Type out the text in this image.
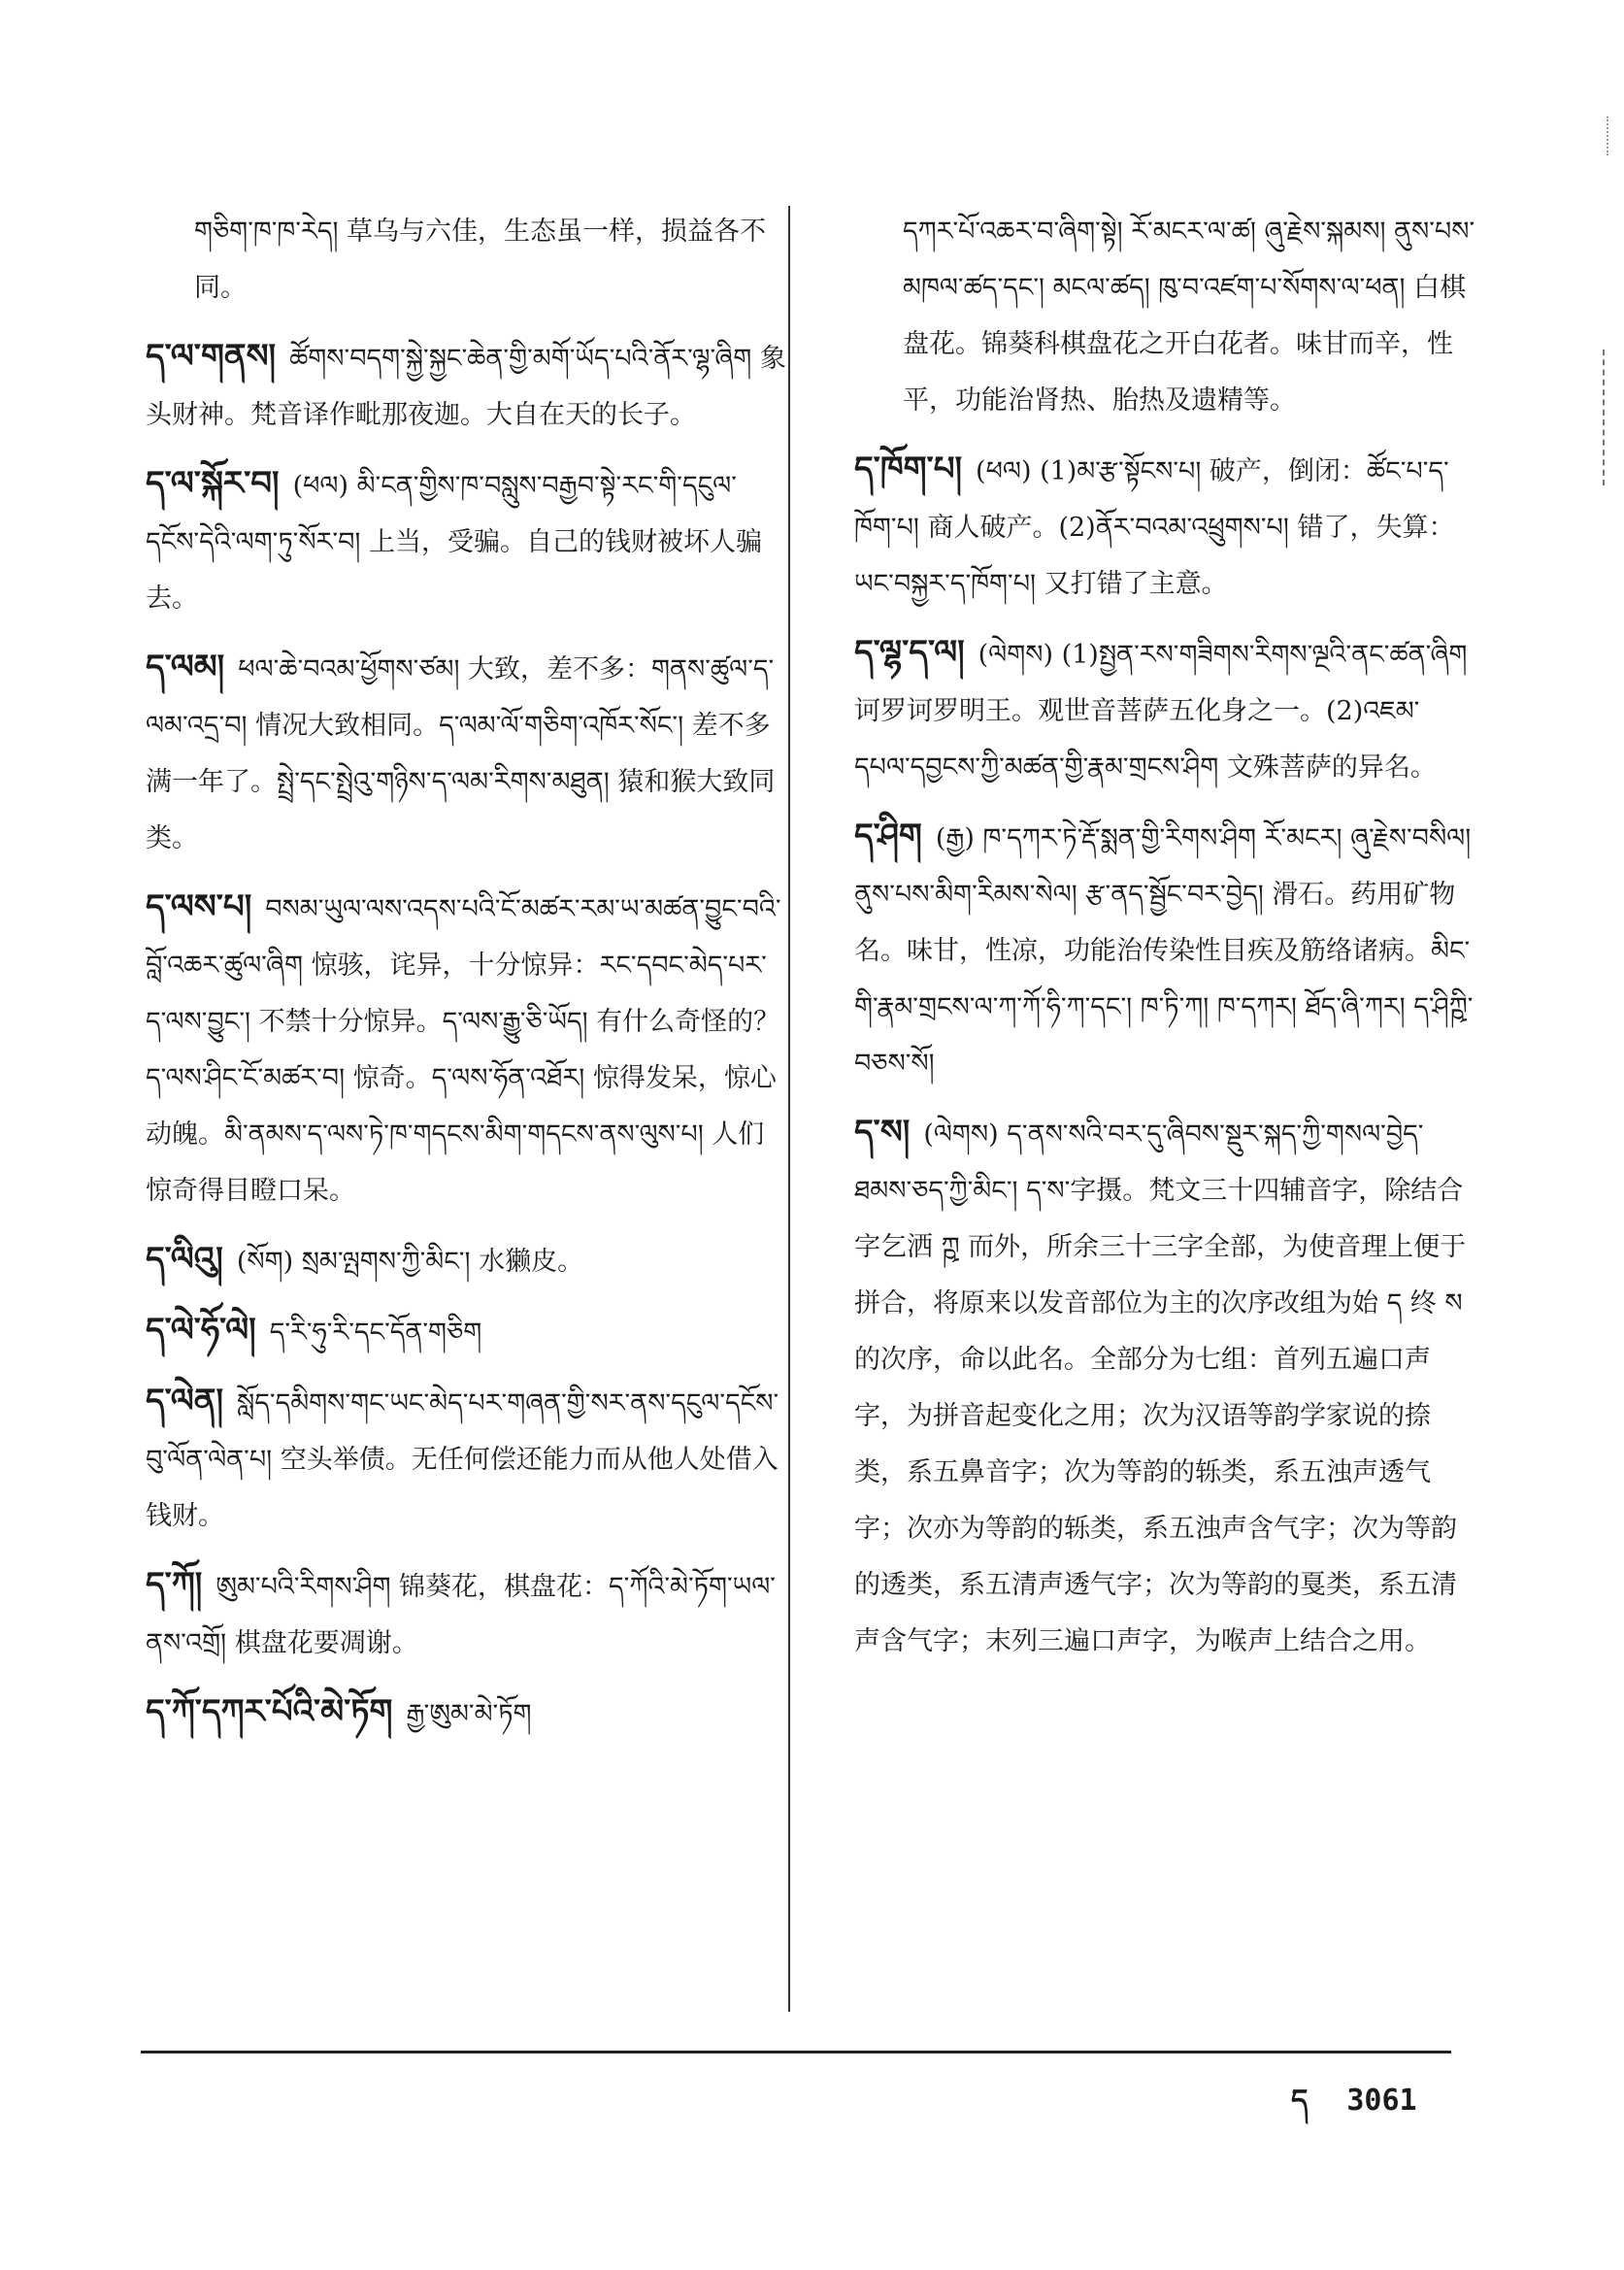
གཅིག་ཁ་ཁ་རེད། 草乌与六佳，生态虽一样，损益各不同。

ད་ལ་གནས། ཚོགས་བདག་སྐྱེ་སྐྱང་ཆེན་གྱི་མགོ་ཡོད་པའི་ནོར་ལྷ་ཞིག 象头财神。梵音译作毗那夜迦。大自在天的长子。

ད་ལ་སྐོར་བ། (ཕལ) མི་ངན་གྱིས་ཁ་བསླུས་བརྒྱབ་སྟེ་རང་གི་དངུལ་དངོས་དེའི་ལག་ཏུ་སོར་བ། 上当，受骗。自己的钱财被坏人骗去。

ད་ལམ། ཕལ་ཆེ་བའམ་ཕྱོགས་ཙམ། 大致，差不多：གནས་ཚུལ་ད་ལམ་འདྲ་བ། 情况大致相同。ད་ལམ་ལོ་གཅིག་འཁོར་སོང་། 差不多满一年了。སྤྲེ་དང་སྤྲེའུ་གཉིས་ད་ལམ་རིགས་མཐུན། 猿和猴大致同类。

ད་ལས་པ། བསམ་ཡུལ་ལས་འདས་པའི་ངོ་མཚར་རམ་ཡ་མཚན་བྱུང་བའི་བློ་འཆར་ཚུལ་ཞིག 惊骇，诧异，十分惊异：རང་དབང་མེད་པར་ད་ལས་བྱུང་། 不禁十分惊异。ད་ལས་རྒྱུ་ཅི་ཡོད། 有什么奇怪的？ད་ལས་ཤིང་ངོ་མཚར་བ། 惊奇。ད་ལས་ཧོན་འཐོར། 惊得发呆，惊心动魄。མི་ནམས་ད་ལས་ཏེ་ཁ་གདངས་མིག་གདངས་ནས་ལུས་པ། 人们惊奇得目瞪口呆。

ད་ལིའུ། (སོག) སྲམ་ལྤགས་ཀྱི་མིང་། 水獭皮。

ད་ལེ་ཧོ་ལེ། ད་རི་ཧུ་རི་དང་དོན་གཅིག

ད་ལེན། སློད་དམིགས་གང་ཡང་མེད་པར་གཞན་གྱི་སར་ནས་དངུལ་དངོས་བུ་ལོན་ལེན་པ། 空头举债。无任何偿还能力而从他人处借入钱财。

ད་ཀོ། ཨུམ་པའི་རིགས་ཤིག 锦葵花，棋盘花：ད་ཀོའི་མེ་ཏོག་ཡལ་ནས་འགྲོ། 棋盘花要凋谢。

ད་ཀོ་དཀར་པོའི་མེ་ཏོག རྒྱ་ཨུམ་མེ་ཏོག

དཀར་པོ་འཆར་བ་ཞིག་སྟེ། རོ་མངར་ལ་ཚ། ཞུ་རྗེས་སྐམས། ནུས་པས་མཁལ་ཚད་དང་། མངལ་ཚད། ཁུ་བ་འཛག་པ་སོགས་ལ་ཕན། 白棋盘花。锦葵科棋盘花之开白花者。味甘而辛，性平，功能治肾热、胎热及遗精等。

ད་ཁོག་པ། (ཕལ) (1)མ་རྩ་སྟོངས་པ། 破产，倒闭：ཚོང་པ་ད་ཁོག་པ། 商人破产。(2)ནོར་བའམ་འཕྲུགས་པ། 错了，失算：ཡང་བསྐྱར་ད་ཁོག་པ། 又打错了主意。

ད་ལྷ་ད་ལ། (ལེགས) (1)སྤྱན་རས་གཟིགས་རིགས་ལྔའི་ནང་ཚན་ཞིག 诃罗诃罗明王。观世音菩萨五化身之一。(2)འཇམ་དཔལ་དབྱངས་ཀྱི་མཚན་གྱི་རྣམ་གྲངས་ཤིག 文殊菩萨的异名。

ད་ཤིག (རྒྱ) ཁ་དཀར་ཏེ་རྡོ་སྨན་གྱི་རིགས་ཤིག རོ་མངར། ཞུ་རྗེས་བསིལ། ནུས་པས་མིག་རིམས་སེལ། རྩ་ནད་སྦྱོང་བར་བྱེད། 滑石。药用矿物名。味甘，性凉，功能治传染性目疾及筋络诸病。མིང་གི་རྣམ་གྲངས་ལ་ཀ་ཀོ་ཧི་ཀ་དང་། ཁ་ཏི་ཀ། ཁ་དཀར། ཐོད་ཞི་ཀར། ད་ཤིཀྵི་བཅས་སོ།

ད་ས། (ལེགས) ད་ནས་སའི་བར་དུ་ཞིབས་སྡུར་སྐད་ཀྱི་གསལ་བྱེད་ཐམས་ཅད་ཀྱི་མིང་། ད་ས་字摄。梵文三十四辅音字，除结合字乞洒 ཀྵ 而外，所余三十三字全部，为使音理上便于拼合，将原来以发音部位为主的次序改组为始 ད 终 ས 的次序，命以此名。全部分为七组：首列五遍口声字，为拼音起变化之用；次为汉语等韵学家说的捺类，系五鼻音字；次为等韵的轹类，系五浊声透气字；次亦为等韵的轹类，系五浊声含气字；次为等韵的透类，系五清声透气字；次为等韵的戛类，系五清声含气字；末列三遍口声字，为喉声上结合之用。

ད 3061
